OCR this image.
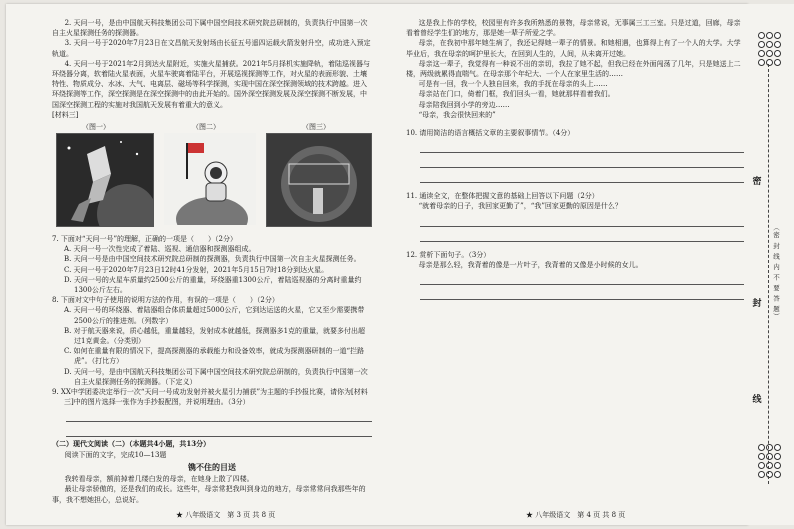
2. 天问一号，是由中国航天科技集团公司下属中国空间技术研究院总研制的，负责执行中国第一次自主火星探测任务的探测器。

3. 天问一号于2020年7月23日在文昌航天发射场由长征五号遥四运载火箭发射升空，成功进入预定轨道。

4. 天问一号于2021年2月到达火星附近，实施火星捕获。2021年5月择机实施降轨，着陆巡视器与环绕器分离，软着陆火星表面，火星车驶离着陆平台，开展巡视探测等工作，对火星的表面形貌、土壤特性、物质成分、水冰、大气、电离层、磁场等科学探测，实现中国在深空探测领域的技术跨越。进入环绕探测等工作，深空探测是在深空探测中的由此开始的。国外深空探测发展及深空探测不断发展，中国深空探测工程的实施对我国航天发展有着重大的意义。

[材料三]

（图一）	（图二）	（图三）

7. 下面对“天问一号”的理解，正确的一项是（　　）（2分）

A. 天问一号一次性完成了着陆、巡视、通信器和探测器组成。

B. 天问一号是由中国空间技术研究院总研制的探测器，负责执行中国第一次自主火星探测任务。

C. 天问一号于2020年7月23日12时41分发射，2021年5月15日7时18分到达火星。

D. 天问一号的火星车质量约2500公斤的重量，环绕器重1300公斤，着陆巡视器的分离时重量约1300公斤左右。

8. 下面对文中句子使用的说明方法的作用，有误的一项是（　　）（2分）

A. 天问一号的环绕器、着陆器组合体质量超过5000公斤，它到达运送的火星，它又至少需要携带2500公斤的推进剂。（列数字）

B. 对于航天器来说，质心越低，重量越轻，发射成本就越低，探测器多1克的重量，就要多付出超过1克黄金。（分类别）

C. 如何在重量有限的情况下，提高探测器的承载能力和设备效率，就成为探测器研制的一道“拦路虎”。（打比方）

D. 天问一号，是由中国航天科技集团公司下属中国空间技术研究院总研制的，负责执行中国第一次自主火星探测任务的探测器。（下定义）

9. XX中学团委决定举行一次“天问一号成功发射并被火星引力捕获”为主题的手抄报比赛，请你为[材料三]中的图片选择一张作为手抄报配图，并说明理由。（3分）

（二）现代文阅读（二）（本题共4小题，共13分）

阅读下面的文字，完成10—13题

镌不住的目送

我转看母亲，额前掉着几缕白发的母亲，在她身上散了四楼。

最让母亲骄傲的，还是我们的成长。这些年，母亲常把我叫到身边的地方，母亲常常问我那些年的事，我不想她担心，总说好。

★ 八年级语文　第 3 页 共 8 页

这是我上作的学校，校园里有许多我所熟悉的景物，母亲常说，无事属三工三室。只是过道，回廊，母亲看着曾经学生们的地方，那是她一辈子所爱之学。

母亲，在我初中那年她生病了，我还记得她一辈子的情景。和她相遇，也算得上有了一个人的大学。大学毕业后，我在母亲的呵护里长大，在回到人生的，人间，从未离开过她。

母亲这一辈子，我觉得有一种说不出的亲切，我拉了她不起，但我已经在外面闯荡了几年，只是她送上二楼，两级就累得直喘气。在母亲那个年纪大、一个人在家里生活的……

可是有一回，我一个人独自回来，我的手抚在母亲的头上……

母亲站在门口，倚着门框，我们回头一看，她就那样看着我们。

母亲陪我回到小学的旁边……

“母亲，我会很快回来的”

10. 请用简洁的语言概括文章的主要叙事情节。（4分）

11. 通读全文，在整体把握文意的基础上回答以下问题（2分）

“就着母亲的日子，我回家更勤了”，“我”回家更勤的原因是什么？

12. 赏析下面句子。（3分）

母亲是那么轻，我背着的像是一片叶子，我背着的又像是小时候的女儿。

★ 八年级语文　第 4 页 共 8 页
密
封
线
（密 封 线 内 不 要 答 题）
